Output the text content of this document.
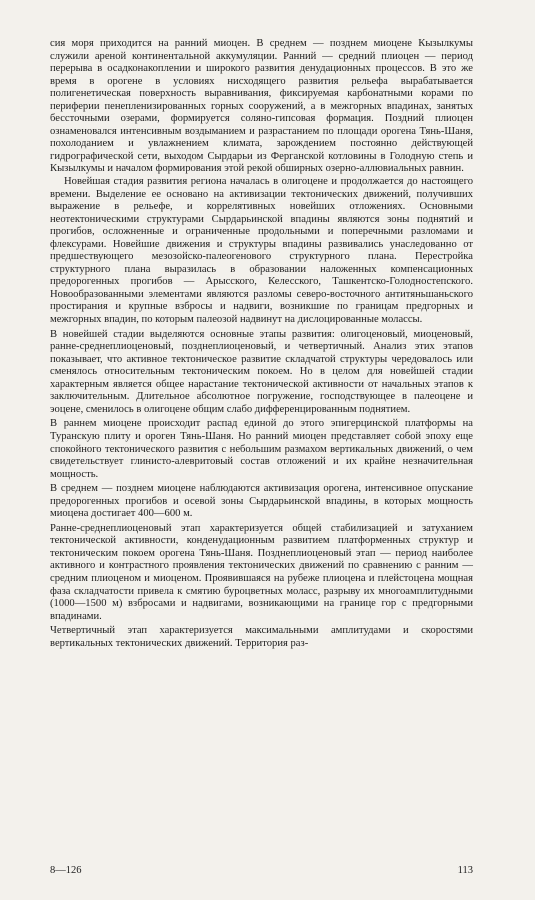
сия моря приходится на ранний миоцен. В среднем — позднем миоцене Кызылкумы служили ареной континентальной аккумуляции. Ранний — средний плиоцен — период перерыва в осадконакоплении и широкого развития денудационных процессов. В это же время в орогене в условиях нисходящего развития рельефа вырабатывается полигенетическая поверхность выравнивания, фиксируемая карбонатными корами по периферии пенепленизированных горных сооружений, а в межгорных впадинах, занятых бессточными озерами, формируется соляно-гипсовая формация. Поздний плиоцен ознаменовался интенсивным воздыманием и разрастанием по площади орогена Тянь-Шаня, похолоданием и увлажнением климата, зарождением постоянно действующей гидрографической сети, выходом Сырдарьи из Ферганской котловины в Голодную степь и Кызылкумы и началом формирования этой рекой обширных озерно-аллювиальных равнин.

Новейшая стадия развития региона началась в олигоцене и продолжается до настоящего времени. Выделение ее основано на активизации тектонических движений, получивших выражение в рельефе, и коррелятивных новейших отложениях. Основными неотектоническими структурами Сырдарьинской впадины являются зоны поднятий и прогибов, осложненные и ограниченные продольными и поперечными разломами и флексурами. Новейшие движения и структуры впадины развивались унаследованно от предшествующего мезозойско-палеогенового структурного плана. Перестройка структурного плана выразилась в образовании наложенных компенсационных предорогенных прогибов — Арысского, Келесского, Ташкентско-Голодностепского. Новообразованными элементами являются разломы северо-восточного антитяньшаньского простирания и крупные взбросы и надвиги, возникшие по границам предгорных и межгорных впадин, по которым палеозой надвинут на дислоцированные молассы.

В новейшей стадии выделяются основные этапы развития: олигоценовый, миоценовый, ранне-среднеплиоценовый, позднеплиоценовый, и четвертичный. Анализ этих этапов показывает, что активное тектоническое развитие складчатой структуры чередовалось или сменялось относительным тектоническим покоем. Но в целом для новейшей стадии характерным является общее нарастание тектонической активности от начальных этапов к заключительным. Длительное абсолютное погружение, господствующее в палеоцене и эоцене, сменилось в олигоцене общим слабо дифференцированным поднятием.

В раннем миоцене происходит распад единой до этого эпигерцинской платформы на Туранскую плиту и ороген Тянь-Шаня. Но ранний миоцен представляет собой эпоху еще спокойного тектонического развития с небольшим размахом вертикальных движений, о чем свидетельствует глинисто-алевритовый состав отложений и их крайне незначительная мощность.

В среднем — позднем миоцене наблюдаются активизация орогена, интенсивное опускание предорогенных прогибов и осевой зоны Сырдарьинской впадины, в которых мощность миоцена достигает 400—600 м.

Ранне-среднеплиоценовый этап характеризуется общей стабилизацией и затуханием тектонической активности, конденудационным развитием платформенных структур и тектоническим покоем орогена Тянь-Шаня. Позднеплиоценовый этап — период наиболее активного и контрастного проявления тектонических движений по сравнению с ранним — средним плиоценом и миоценом. Проявившаяся на рубеже плиоцена и плейстоцена мощная фаза складчатости привела к смятию буроцветных моласс, разрыву их многоамплитудными (1000—1500 м) взбросами и надвигами, возникающими на границе гор с предгорными впадинами.

Четвертичный этап характеризуется максимальными амплитудами и скоростями вертикальных тектонических движений. Территория раз-

8—126	113
